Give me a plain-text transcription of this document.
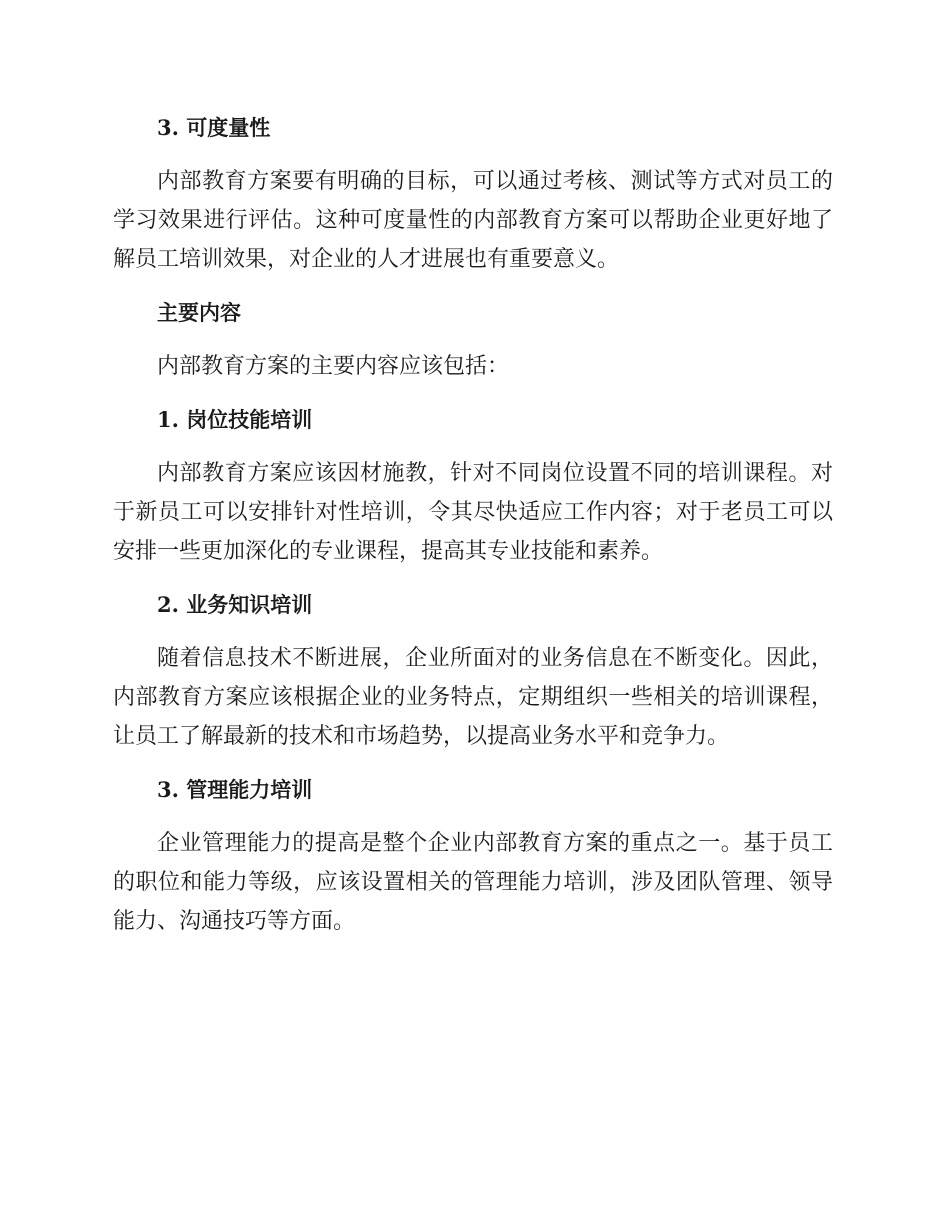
3. 可度量性

内部教育方案要有明确的目标，可以通过考核、测试等方式对员工的学习效果进行评估。这种可度量性的内部教育方案可以帮助企业更好地了解员工培训效果，对企业的人才进展也有重要意义。

主要内容

内部教育方案的主要内容应该包括：

1. 岗位技能培训

内部教育方案应该因材施教，针对不同岗位设置不同的培训课程。对于新员工可以安排针对性培训，令其尽快适应工作内容；对于老员工可以安排一些更加深化的专业课程，提高其专业技能和素养。

2. 业务知识培训

随着信息技术不断进展，企业所面对的业务信息在不断变化。因此，内部教育方案应该根据企业的业务特点，定期组织一些相关的培训课程，让员工了解最新的技术和市场趋势，以提高业务水平和竞争力。

3. 管理能力培训

企业管理能力的提高是整个企业内部教育方案的重点之一。基于员工的职位和能力等级，应该设置相关的管理能力培训，涉及团队管理、领导能力、沟通技巧等方面。
